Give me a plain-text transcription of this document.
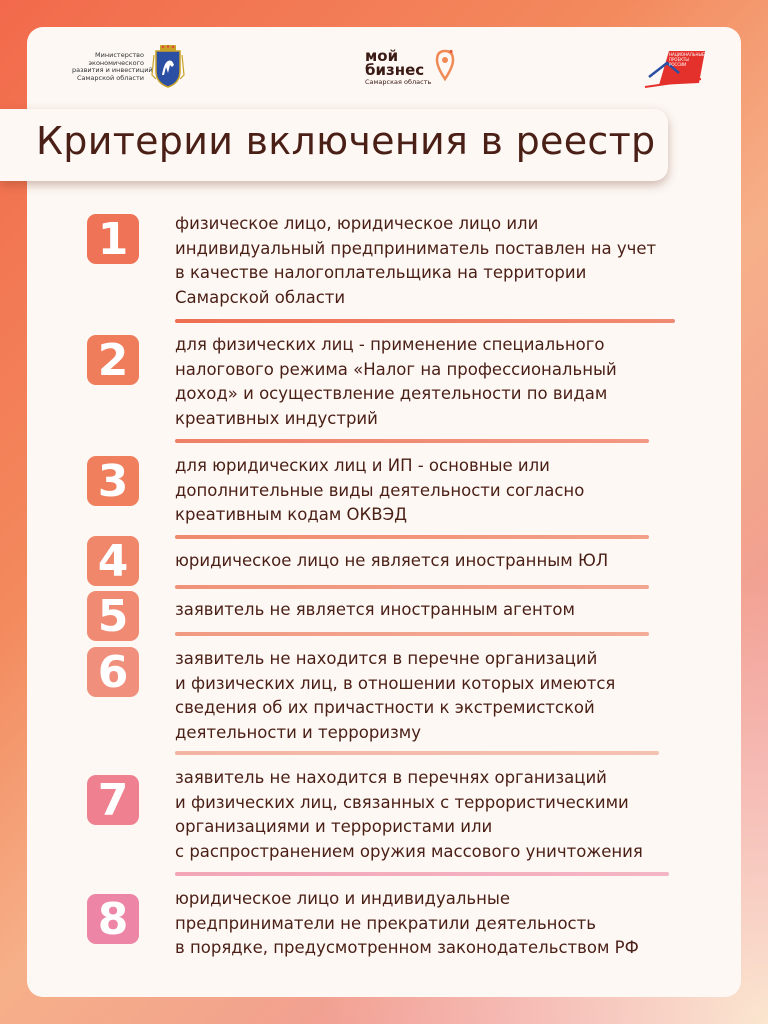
Министерство
экономического
развития и инвестиций
Самарской области
мой
бизнес
Самарская область
НАЦИОНАЛЬНЫЕ
ПРОЕКТЫ
РОССИИ
Критерии включения в реестр
1	физическое лицо, юридическое лицо или
индивидуальный предприниматель поставлен на учет
в качестве налогоплательщика на территории
Самарской области
2	для физических лиц - применение специального
налогового режима «Налог на профессиональный
доход» и осуществление деятельности по видам
креативных индустрий
3	для юридических лиц и ИП - основные или
дополнительные виды деятельности согласно
креативным кодам ОКВЭД
4	юридическое лицо не является иностранным ЮЛ
5	заявитель не является иностранным агентом
6	заявитель не находится в перечне организаций
и физических лиц, в отношении которых имеются
сведения об их причастности к экстремистской
деятельности и терроризму
7	заявитель не находится в перечнях организаций
и физических лиц, связанных с террористическими
организациями и террористами или
с распространением оружия массового уничтожения
8	юридическое лицо и индивидуальные
предприниматели не прекратили деятельность
в порядке, предусмотренном законодательством РФ
